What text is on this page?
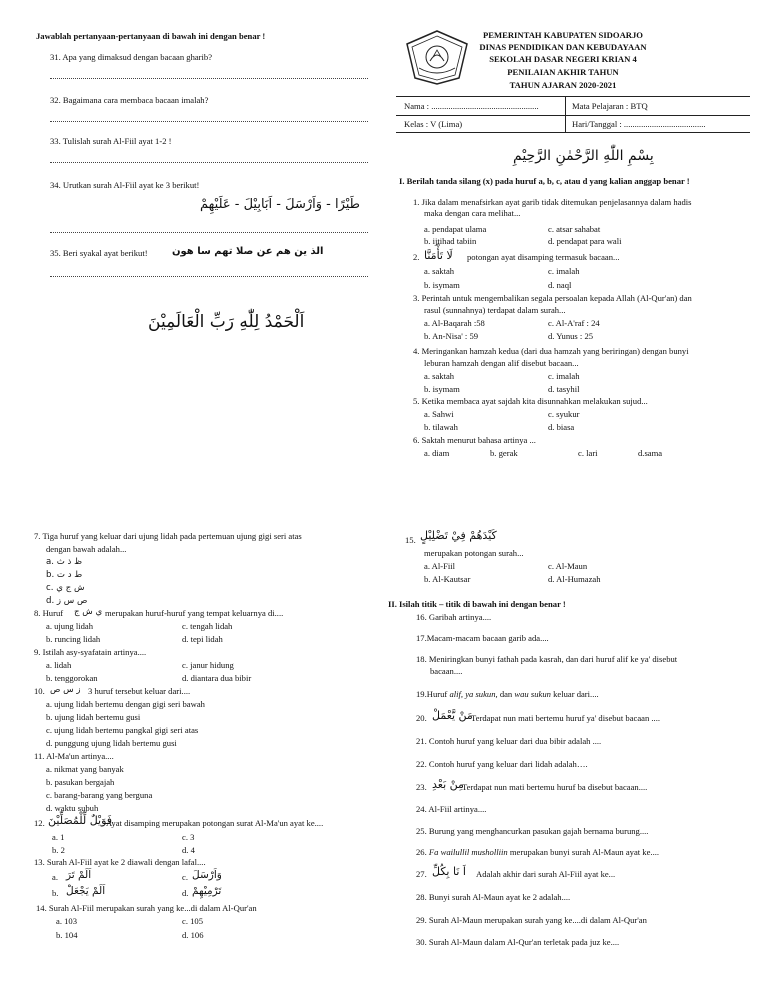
Jawablah pertanyaan-pertanyaan di bawah ini dengan benar !
31. Apa yang dimaksud dengan bacaan gharib?
32. Bagaimana cara membaca bacaan imalah?
33. Tulislah surah Al-Fiil ayat 1-2 !
34. Urutkan surah Al-Fiil ayat ke 3 berikut!
طَيْرًا - وَاَرْسَلَ - اَبَابِيْلَ - عَلَيْهِمْ
35. Beri syakal ayat berikut! الذ ين هم عن صلا تهم سا هون
اَلْحَمْدُ لِلّٰهِ رَبِّ الْعَالَمِيْنَ
PEMERINTAH KABUPATEN SIDOARJO
DINAS PENDIDIKAN DAN KEBUDAYAAN
SEKOLAH DASAR NEGERI KRIAN 4
PENILAIAN AKHIR TAHUN
TAHUN AJARAN 2020-2021
Nama : ..................................................	Mata Pelajaran : BTQ
Kelas : V (Lima)	Hari/Tanggal : ......................................
بِسْمِ اللّٰهِ الرَّحْمٰنِ الرَّحِيْمِ
I. Berilah tanda silang (x) pada huruf a, b, c, atau d yang kalian anggap benar !
1. Jika dalam menafsirkan ayat garib tidak ditemukan penjelasannya dalam hadis
maka dengan cara melihat...
a. pendapat ulama
b. ijtihad tabiin
c. atsar sahabat
d. pendapat para wali
2. لَا تَأْمَنَّا potongan ayat disamping termasuk bacaan...
a. saktah
b. isymam
c. imalah
d. naql
3. Perintah untuk mengembalikan segala persoalan kepada Allah (Al-Qur'an) dan
rasul (sunnahnya) terdapat dalam surah...
a. Al-Baqarah :58
b. An-Nisa' : 59
c. Al-A'raf : 24
d. Yunus : 25
4. Meringankan hamzah kedua (dari dua hamzah yang beriringan) dengan bunyi
leburan hamzah dengan alif disebut bacaan...
a. saktah
b. isymam
c. imalah
d. tasyhil
5. Ketika membaca ayat sajdah kita disunnahkan melakukan sujud...
a. Sahwi
b. tilawah
c. syukur
d. biasa
6. Saktah menurut bahasa artinya ...
a. diam	b. gerak	c. lari	d.sama
7. Tiga huruf yang keluar dari ujung lidah pada pertemuan ujung gigi seri atas
dengan bawah adalah...
a. ظ ذ ث
b. ط د ت
c. ش ج ي
d. ص س ز
8. Huruf ي ش ج merupakan huruf-huruf yang tempat keluarnya di....
a. ujung lidah
b. runcing lidah
c. tengah lidah
d. tepi lidah
9. Istilah asy-syafatain artinya....
a. lidah
b. tenggorokan
c. janur hidung
d. diantara dua bibir
10. ز س ص 3 huruf tersebut keluar dari....
a. ujung lidah bertemu dengan gigi seri bawah
b. ujung lidah bertemu gusi
c. ujung lidah bertemu pangkal gigi seri atas
d. punggung ujung lidah bertemu gusi
11. Al-Ma'un artinya....
a. nikmat yang banyak
b. pasukan bergajah
c. barang-barang yang berguna
d. waktu subuh
12. فَوَيْلٌ لِّلْمُصَلِّيْنَ
Ayat disamping merupakan potongan surat Al-Ma'un ayat ke....
a. 1
b. 2
c. 3
d. 4
13. Surah Al-Fiil ayat ke 2 diawali dengan lafal....
a. اَلَمْ تَرَ
b. اَلَمْ يَجْعَلْ
c. وَاَرْسَلَ
d. تَرْمِيْهِمْ
14. Surah Al-Fiil merupakan surah yang ke...di dalam Al-Qur'an
a. 103
b. 104
c. 105
d. 106
15. كَيْدَهُمْ فِيْ تَضْلِيْلٍ
merupakan potongan surah...
a. Al-Fiil
b. Al-Kautsar
c. Al-Maun
d. Al-Humazah
II. Isilah titik – titik di bawah ini dengan benar !
16. Garibah artinya....
17.Macam-macam bacaan garib ada....
18. Meniringkan bunyi fathah pada kasrah, dan dari huruf alif ke ya' disebut
bacaan....
19.Huruf alif, ya sukun, dan wau sukun keluar dari....
20. مَنْ يَّعْمَلْ
Terdapat nun mati bertemu huruf ya' disebut bacaan ....
21. Contoh huruf yang keluar dari dua bibir adalah ....
22. Contoh huruf yang keluar dari lidah adalah….
23. مِنْ بَعْدِ
Terdapat nun mati bertemu huruf ba disebut bacaan....
24. Al-Fiil artinya....
25. Burung yang menghancurkan pasukan gajah bernama burung....
26. Fa wailullil musholliin merupakan bunyi surah Al-Maun ayat ke....
27. اَ نَا بِكُلِّ Adalah akhir dari surah Al-Fiil ayat ke...
28. Bunyi surah Al-Maun ayat ke 2 adalah....
29. Surah Al-Maun merupakan surah yang ke....di dalam Al-Qur'an
30. Surah Al-Maun dalam Al-Qur'an terletak pada juz ke....
